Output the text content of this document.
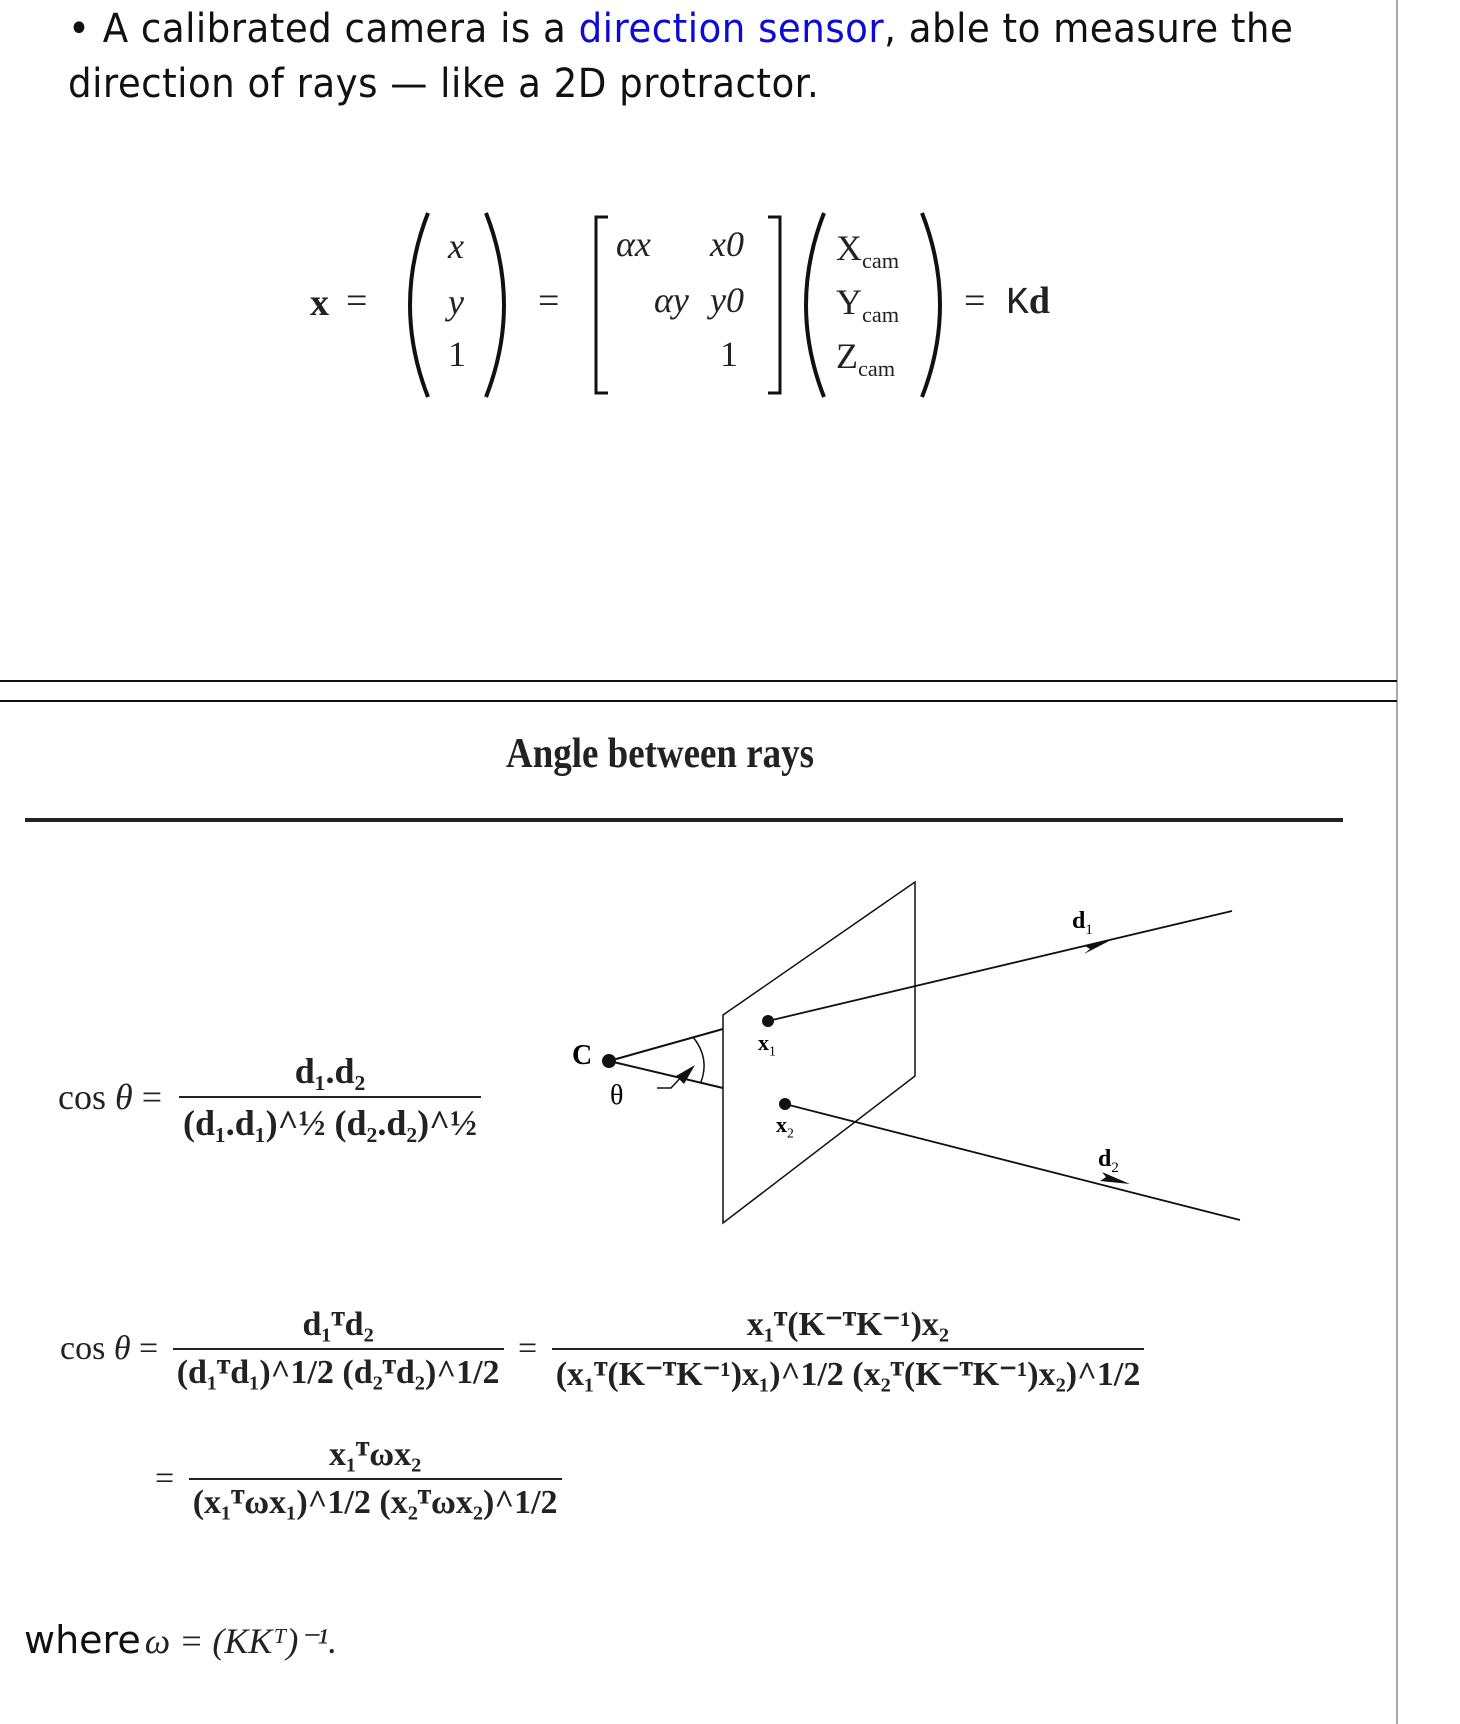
• A calibrated camera is a direction sensor, able to measure the
direction of rays — like a 2D protractor.
x =
x
y
1
=
αx x0
αy y0
1
$X_{cam}$
$Y_{cam}$
$Z_{cam}$
= Kd
Angle between rays
$\cos \theta = \frac{\text{d₁.d₂}}{\text{(d₁.d₁)\textasciicircum{}½ (d₂.d₂)\textasciicircum{}½}}$	C
θ
$x_1$
$x_2$
$d_1$
$d_2$
$\cos \theta = \frac{\text{d₁ᵀd₂}}{\text{(d₁ᵀd₁)\textasciicircum{}1/2 (d₂ᵀd₂)\textasciicircum{}1/2}} = \frac{\text{x₁ᵀ(K⁻ᵀK⁻¹)x₂}}{\text{(x₁ᵀ(K⁻ᵀK⁻¹)x₁)\textasciicircum{}1/2 (x₂ᵀ(K⁻ᵀK⁻¹)x₂)\textasciicircum{}1/2}}$
= $\frac{\text{x₁ᵀωx₂}}{\text{(x₁ᵀωx₁)\textasciicircum{}1/2 (x₂ᵀωx₂)\textasciicircum{}1/2}}$
where ω = (KKᵀ)⁻¹.
